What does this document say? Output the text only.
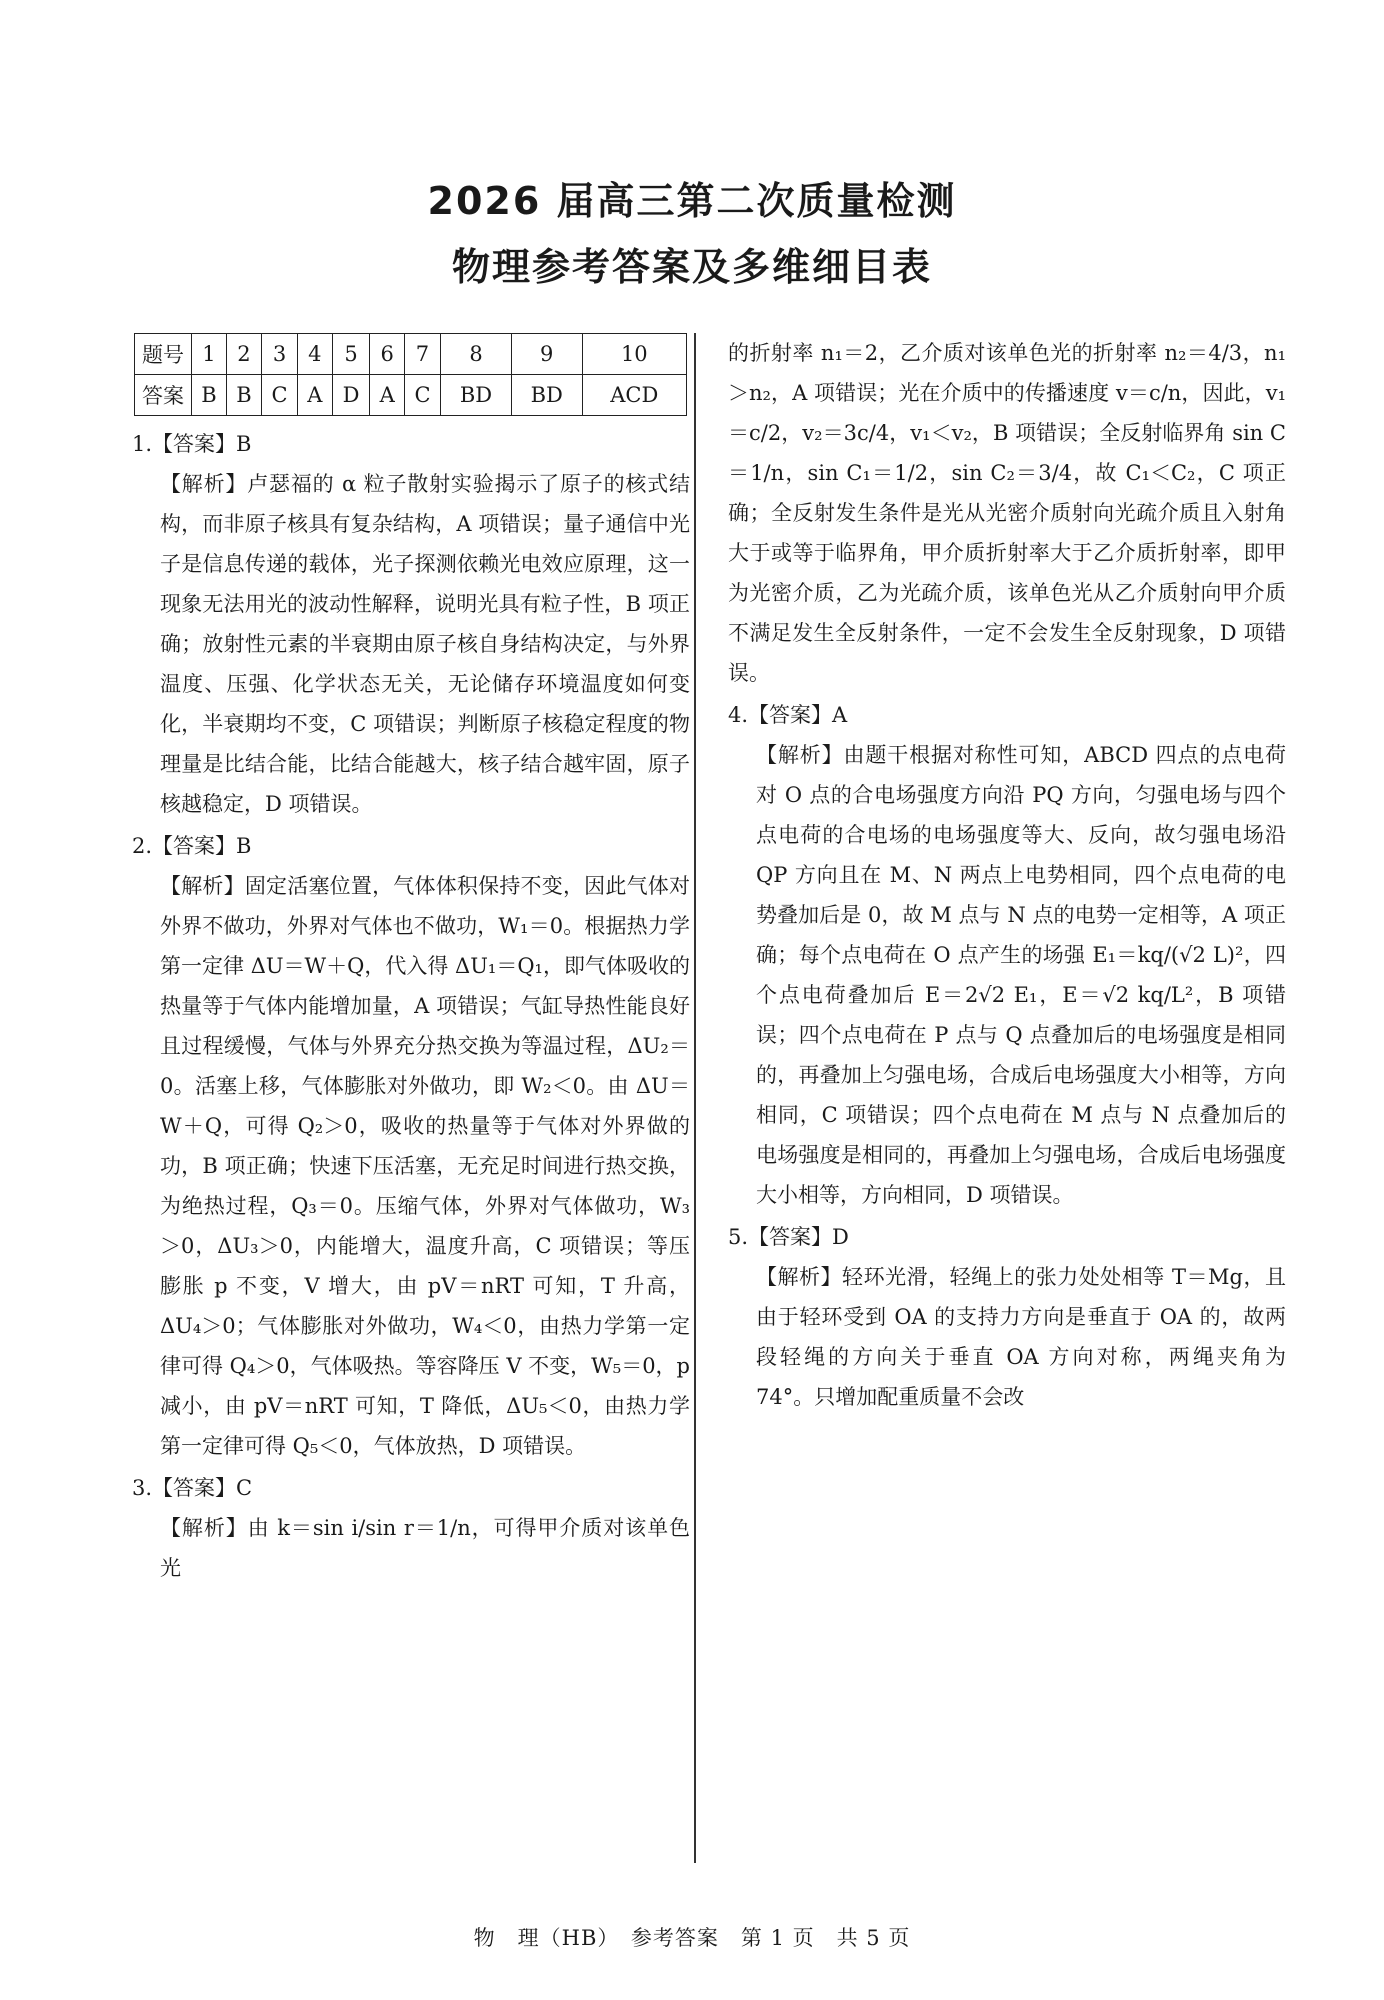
2026 届高三第二次质量检测
物理参考答案及多维细目表
题号	1	2	3	4	5	6	7	8	9	10
答案	B	B	C	A	D	A	C	BD	BD	ACD
1.【答案】B
【解析】卢瑟福的 α 粒子散射实验揭示了原子的核式结构，而非原子核具有复杂结构，A 项错误；量子通信中光子是信息传递的载体，光子探测依赖光电效应原理，这一现象无法用光的波动性解释，说明光具有粒子性，B 项正确；放射性元素的半衰期由原子核自身结构决定，与外界温度、压强、化学状态无关，无论储存环境温度如何变化，半衰期均不变，C 项错误；判断原子核稳定程度的物理量是比结合能，比结合能越大，核子结合越牢固，原子核越稳定，D 项错误。
2.【答案】B
【解析】固定活塞位置，气体体积保持不变，因此气体对外界不做功，外界对气体也不做功，W₁＝0。根据热力学第一定律 ΔU＝W＋Q，代入得 ΔU₁＝Q₁，即气体吸收的热量等于气体内能增加量，A 项错误；气缸导热性能良好且过程缓慢，气体与外界充分热交换为等温过程，ΔU₂＝0。活塞上移，气体膨胀对外做功，即 W₂＜0。由 ΔU＝W＋Q，可得 Q₂＞0，吸收的热量等于气体对外界做的功，B 项正确；快速下压活塞，无充足时间进行热交换，为绝热过程，Q₃＝0。压缩气体，外界对气体做功，W₃＞0，ΔU₃＞0，内能增大，温度升高，C 项错误；等压膨胀 p 不变，V 增大，由 pV＝nRT 可知，T 升高，ΔU₄＞0；气体膨胀对外做功，W₄＜0，由热力学第一定律可得 Q₄＞0，气体吸热。等容降压 V 不变，W₅＝0，p 减小，由 pV＝nRT 可知，T 降低，ΔU₅＜0，由热力学第一定律可得 Q₅＜0，气体放热，D 项错误。
3.【答案】C
【解析】由 k＝sin i/sin r＝1/n，可得甲介质对该单色光
的折射率 n₁＝2，乙介质对该单色光的折射率 n₂＝4/3，n₁＞n₂，A 项错误；光在介质中的传播速度 v＝c/n，因此，v₁＝c/2，v₂＝3c/4，v₁＜v₂，B 项错误；全反射临界角 sin C＝1/n，sin C₁＝1/2，sin C₂＝3/4，故 C₁＜C₂，C 项正确；全反射发生条件是光从光密介质射向光疏介质且入射角大于或等于临界角，甲介质折射率大于乙介质折射率，即甲为光密介质，乙为光疏介质，该单色光从乙介质射向甲介质不满足发生全反射条件，一定不会发生全反射现象，D 项错误。
4.【答案】A
【解析】由题干根据对称性可知，ABCD 四点的点电荷对 O 点的合电场强度方向沿 PQ 方向，匀强电场与四个点电荷的合电场的电场强度等大、反向，故匀强电场沿 QP 方向且在 M、N 两点上电势相同，四个点电荷的电势叠加后是 0，故 M 点与 N 点的电势一定相等，A 项正确；每个点电荷在 O 点产生的场强 E₁＝kq/(√2 L)²，四个点电荷叠加后 E＝2√2 E₁，E＝√2 kq/L²，B 项错误；四个点电荷在 P 点与 Q 点叠加后的电场强度是相同的，再叠加上匀强电场，合成后电场强度大小相等，方向相同，C 项错误；四个点电荷在 M 点与 N 点叠加后的电场强度是相同的，再叠加上匀强电场，合成后电场强度大小相等，方向相同，D 项错误。
5.【答案】D
【解析】轻环光滑，轻绳上的张力处处相等 T＝Mg，且由于轻环受到 OA 的支持力方向是垂直于 OA 的，故两段轻绳的方向关于垂直 OA 方向对称，两绳夹角为 74°。只增加配重质量不会改
物　理（HB）　参考答案　第 1 页　共 5 页
